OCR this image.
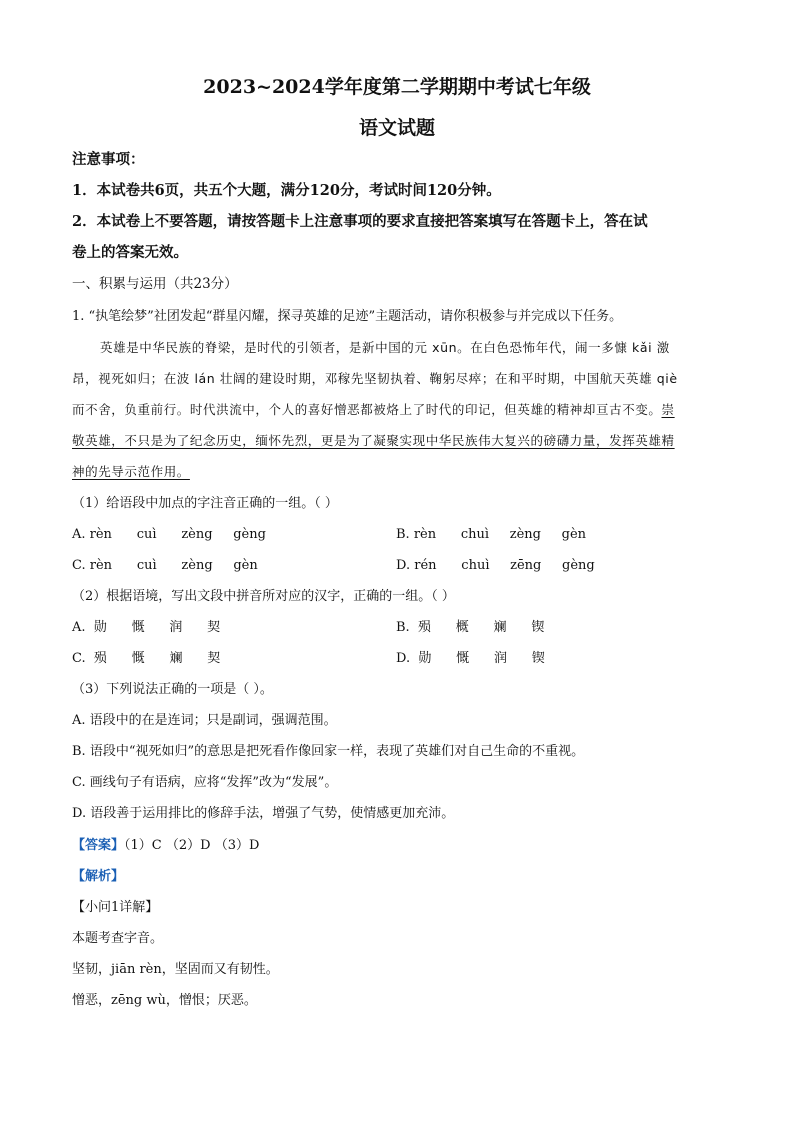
2023~2024学年度第二学期期中考试七年级
语文试题
注意事项：
1．本试卷共6页，共五个大题，满分120分，考试时间120分钟。
2．本试卷上不要答题，请按答题卡上注意事项的要求直接把答案填写在答题卡上，答在试
卷上的答案无效。
一、积累与运用（共23分）
1. “执笔绘梦”社团发起“群星闪耀，探寻英雄的足迹”主题活动，请你积极参与并完成以下任务。
英雄是中华民族的脊梁，是时代的引领者，是新中国的元 xūn。在白色恐怖年代，闹一多慷 kǎi 激
昂，视死如归；在波 lán 壮阔的建设时期，邓稼先坚韧执着、鞠躬尽瘁；在和平时期，中国航天英雄 qiè
而不舍，负重前行。时代洪流中，个人的喜好憎恶都被烙上了时代的印记，但英雄的精神却亘古不变。崇
敬英雄，不只是为了纪念历史，缅怀先烈，更是为了凝聚实现中华民族伟大复兴的磅礴力量，发挥英雄精
神的先导示范作用。
（1）给语段中加点的字注音正确的一组。（ ）
A. rèn      cuì      zèng     gèng	B. rèn      chuì     zèng     gèn
C. rèn      cuì      zèng     gèn	D. rén      chuì     zēng     gèng
（2）根据语境，写出文段中拼音所对应的汉字，正确的一组。（ ）
A.  勋      慨      润      契	B.  殒      概      斓      锲
C.  殒      慨      斓      契	D.  勋      慨      润      锲
（3）下列说法正确的一项是（ ）。
A. 语段中的在是连词；只是副词，强调范围。
B. 语段中“视死如归”的意思是把死看作像回家一样，表现了英雄们对自己生命的不重视。
C. 画线句子有语病，应将“发挥”改为“发展”。
D. 语段善于运用排比的修辞手法，增强了气势，使情感更加充沛。
【答案】（1）C （2）D （3）D
【解析】
【小问1详解】
本题考查字音。
坚韧，jiān rèn，坚固而又有韧性。
憎恶，zēng wù，憎恨；厌恶。
